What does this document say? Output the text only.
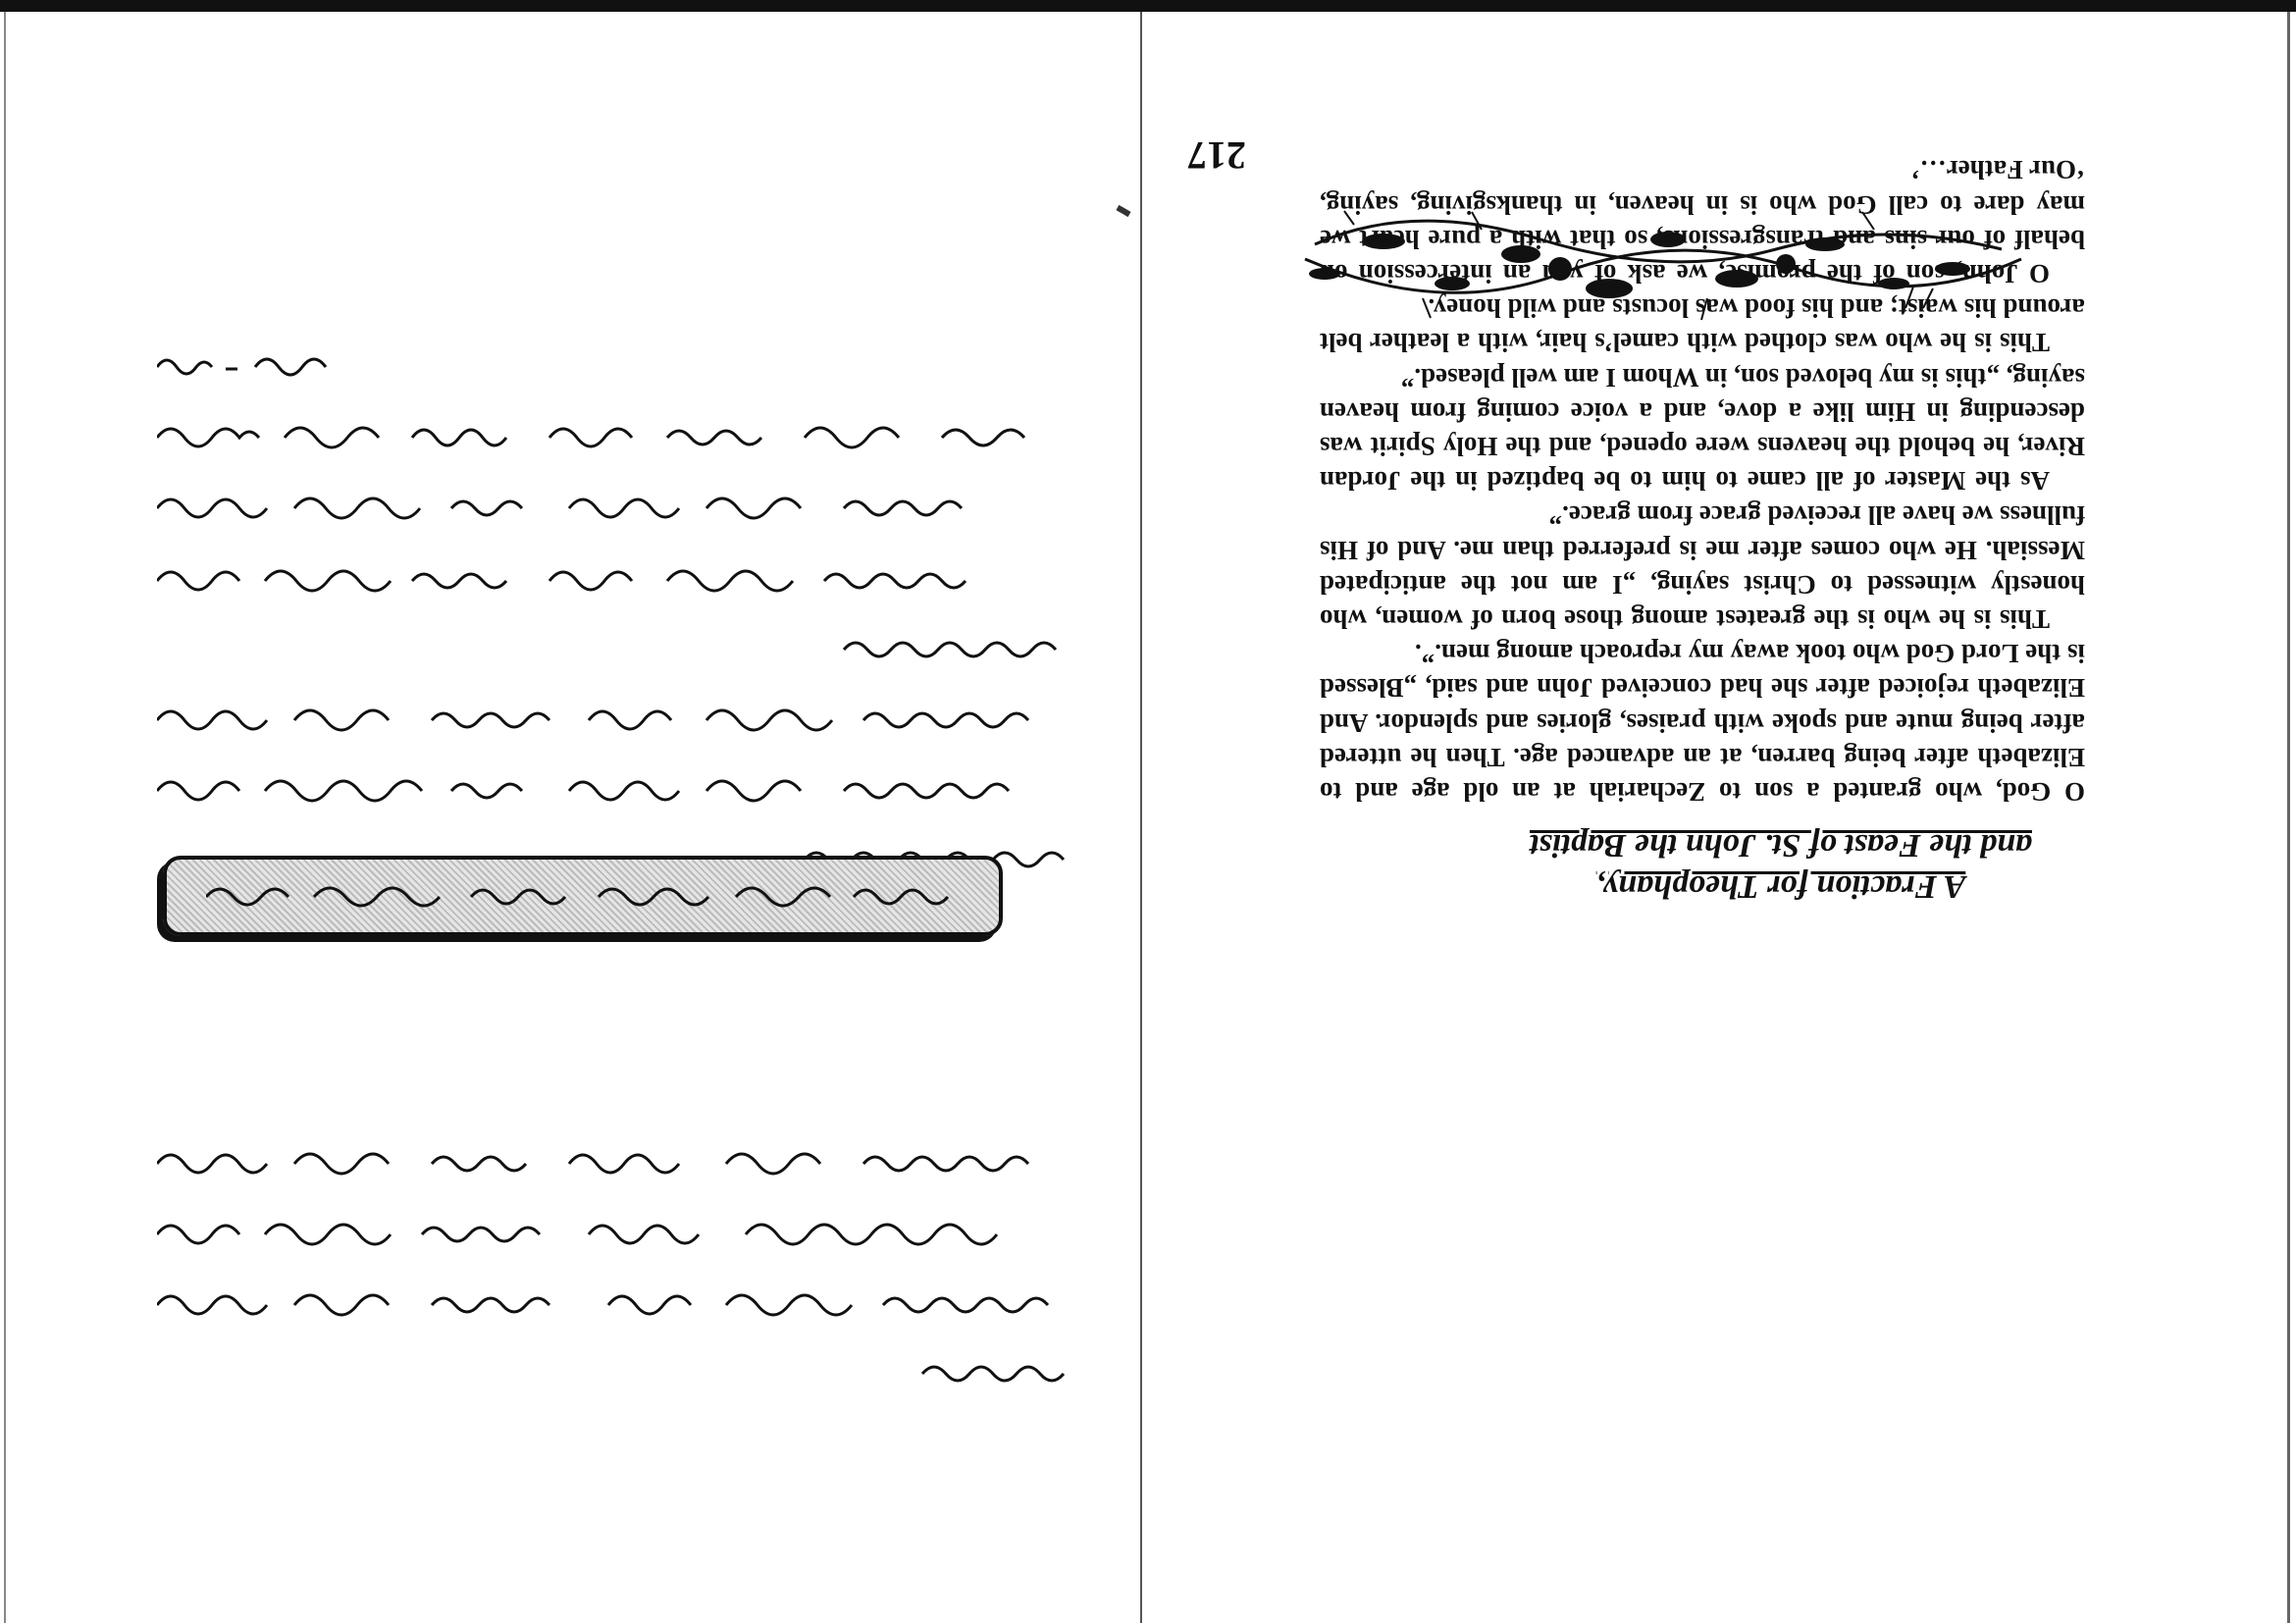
217
A Fraction for Theophany,
and the Feast of St. John the Baptist

O God, who granted a son to Zechariah at an old age and to Elizabeth after being barren, at an advanced age. Then he uttered after being mute and spoke with praises, glories and splendor. And Elizabeth rejoiced after she had conceived John and said, „Blessed is the Lord God who took away my reproach among men.”.

This is he who is the greatest among those born of women, who honestly witnessed to Christ saying, „I am not the anticipated Messiah. He who comes after me is preferred than me. And of His fullness we have all received grace from grace.”

As the Master of all came to him to be baptized in the Jordan River, he behold the heavens were opened, and the Holy Spirit was descending in Him like a dove, and a voice coming from heaven saying, „this is my beloved son, in Whom I am well pleased.”

This is he who was clothed with camel’s hair, with a leather belt around his waist; and his food was locusts and wild honey.

O John, son of the promise, we ask of you an intercession on behalf of our sins and transgressions, so that with a pure heart we may dare to call God who is in heaven, in thanksgiving, saying, ‘Our Father…’
